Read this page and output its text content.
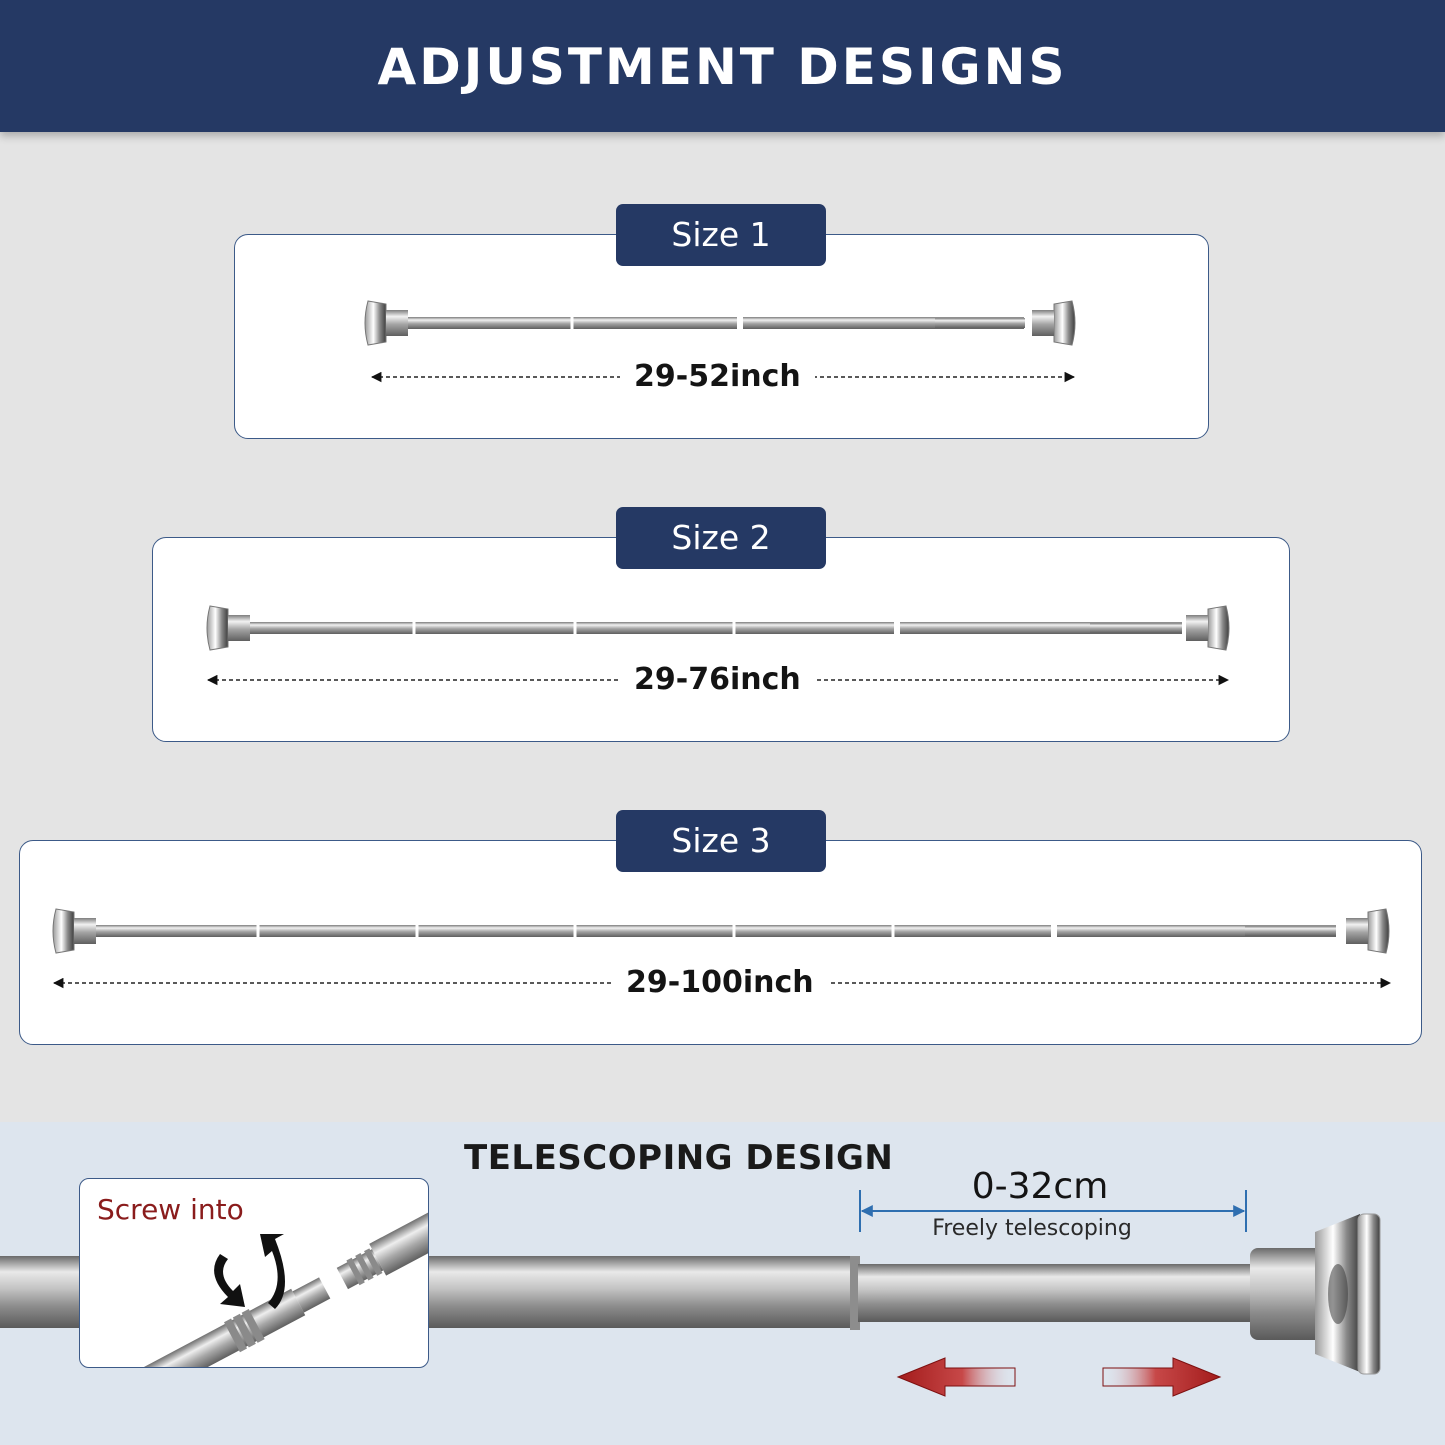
ADJUSTMENT DESIGNS
Size 1
29-52inch
Size 2
29-76inch
Size 3
29-100inch
TELESCOPING DESIGN
0-32cm
Freely telescoping
Screw into
